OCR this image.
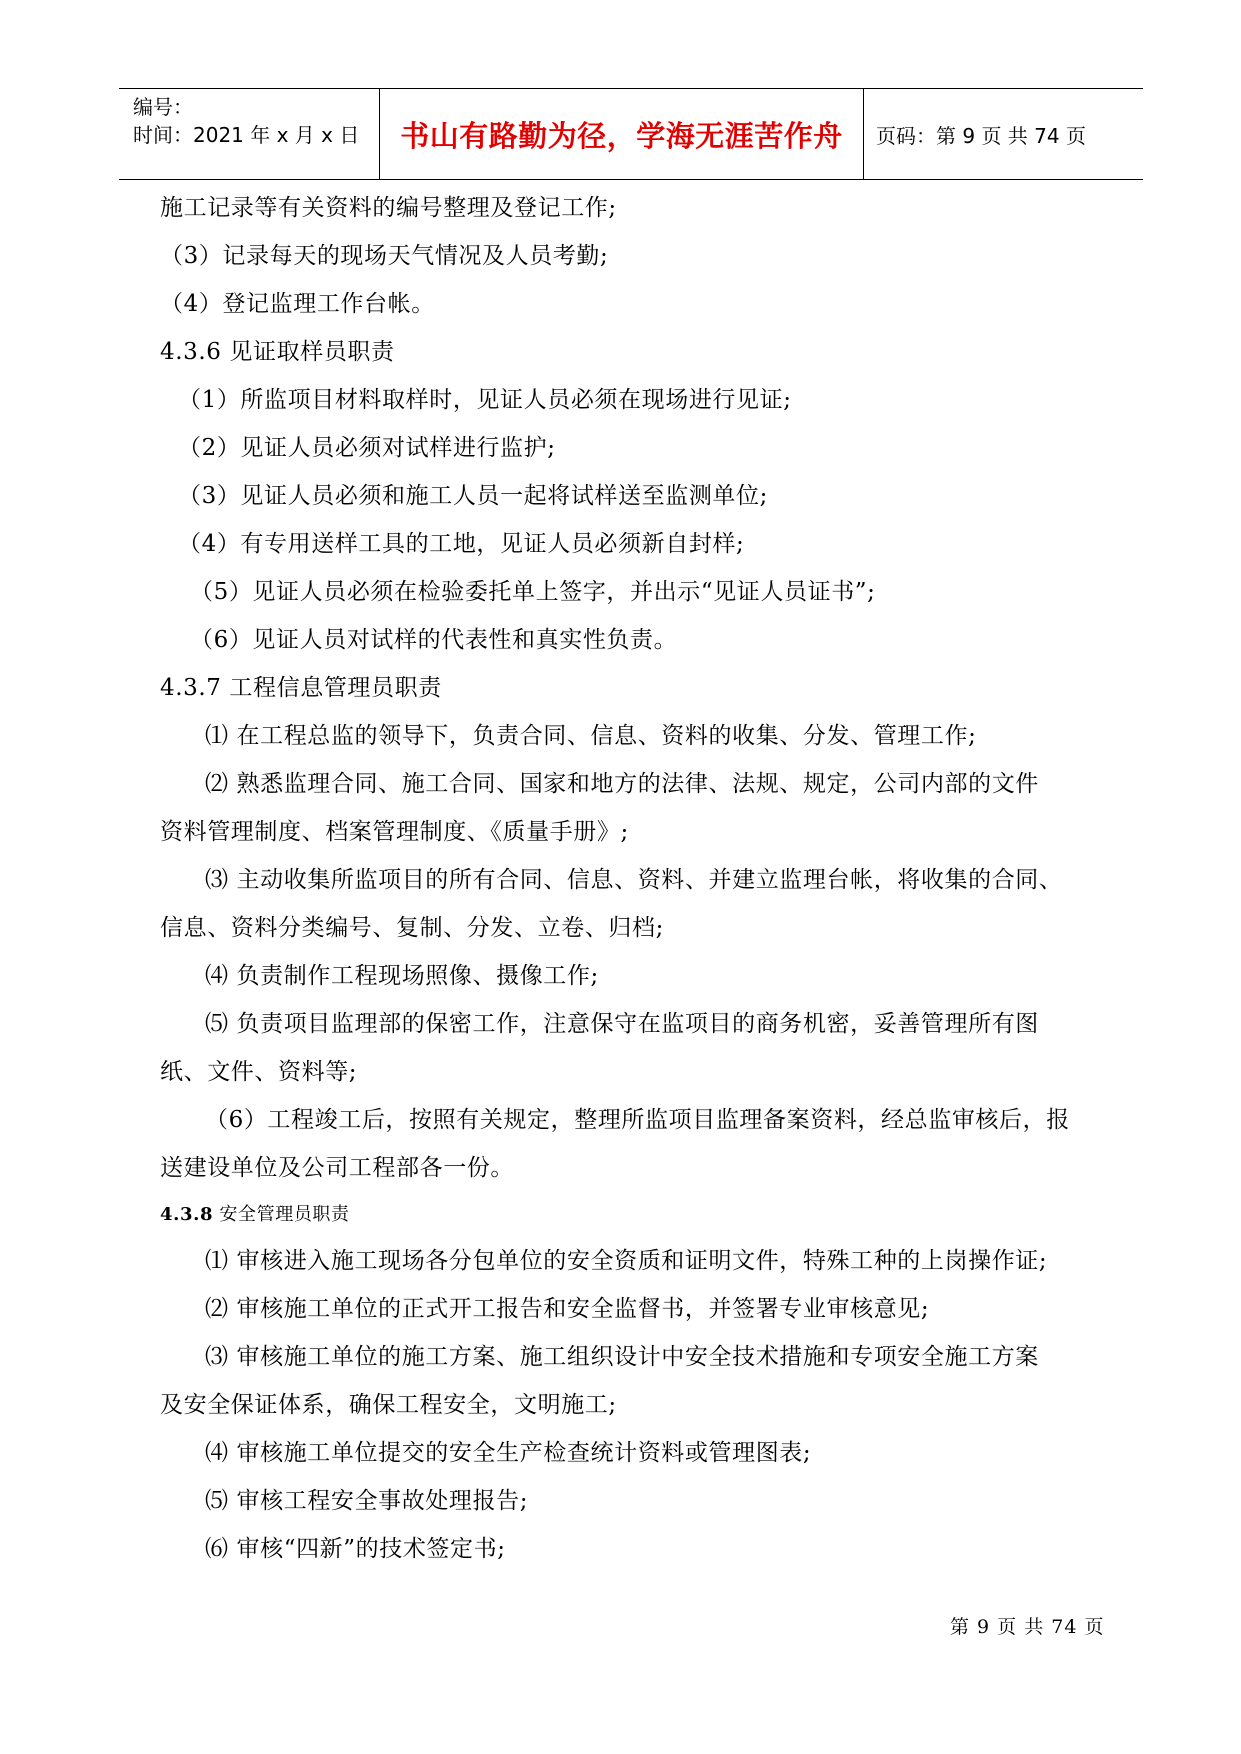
编号：
时间：2021 年 x 月 x 日 书山有路勤为径，学海无涯苦作舟 页码：第 9 页 共 74 页
施工记录等有关资料的编号整理及登记工作;
（3）记录每天的现场天气情况及人员考勤;
（4）登记监理工作台帐。
4.3.6 见证取样员职责
（1）所监项目材料取样时，见证人员必须在现场进行见证;
（2）见证人员必须对试样进行监护;
（3）见证人员必须和施工人员一起将试样送至监测单位;
（4）有专用送样工具的工地，见证人员必须新自封样;
（5）见证人员必须在检验委托单上签字，并出示“见证人员证书”;
（6）见证人员对试样的代表性和真实性负责。
4.3.7 工程信息管理员职责
⑴ 在工程总监的领导下，负责合同、信息、资料的收集、分发、管理工作;
⑵ 熟悉监理合同、施工合同、国家和地方的法律、法规、规定，公司内部的文件
资料管理制度、档案管理制度、《质量手册》;
⑶ 主动收集所监项目的所有合同、信息、资料、并建立监理台帐，将收集的合同、
信息、资料分类编号、复制、分发、立卷、归档;
⑷ 负责制作工程现场照像、摄像工作;
⑸ 负责项目监理部的保密工作，注意保守在监项目的商务机密，妥善管理所有图
纸、文件、资料等;
（6）工程竣工后，按照有关规定，整理所监项目监理备案资料，经总监审核后，报
送建设单位及公司工程部各一份。
4.3.8 安全管理员职责
⑴ 审核进入施工现场各分包单位的安全资质和证明文件，特殊工种的上岗操作证;
⑵ 审核施工单位的正式开工报告和安全监督书，并签署专业审核意见;
⑶ 审核施工单位的施工方案、施工组织设计中安全技术措施和专项安全施工方案
及安全保证体系，确保工程安全，文明施工;
⑷ 审核施工单位提交的安全生产检查统计资料或管理图表;
⑸ 审核工程安全事故处理报告;
⑹ 审核“四新”的技术签定书;
第 9 页 共 74 页
